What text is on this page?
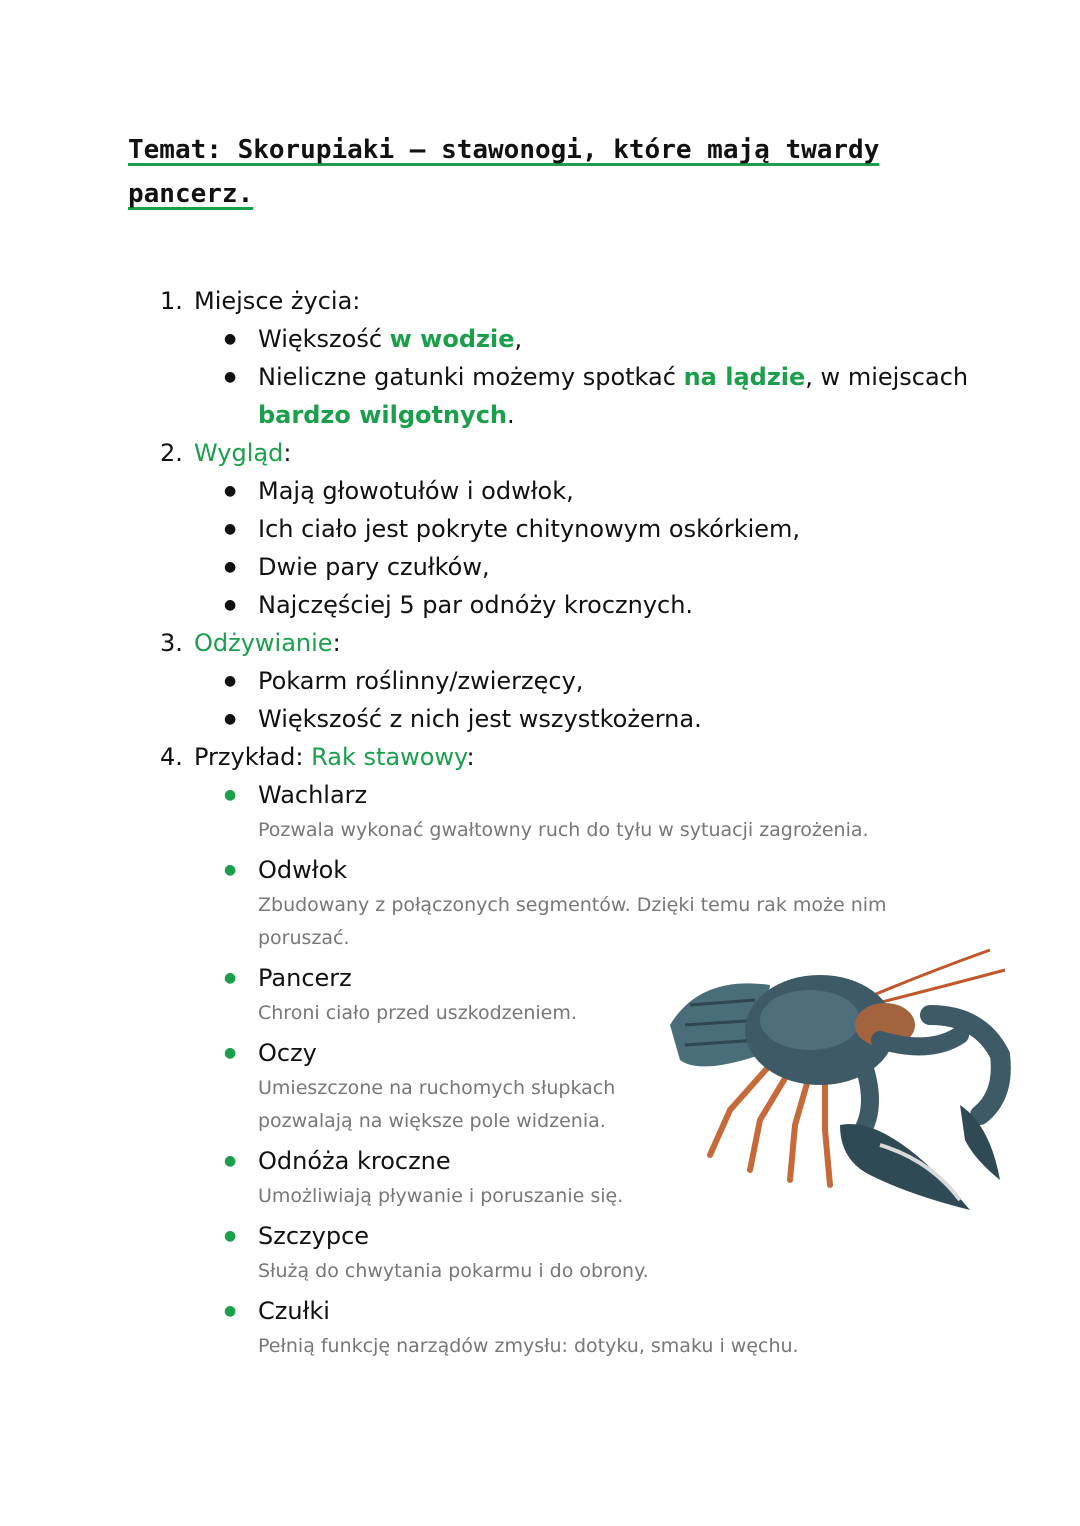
Temat: Skorupiaki – stawonogi, które mają twardy
pancerz.
1. Miejsce życia:
● Większość w wodzie,
● Nieliczne gatunki możemy spotkać na lądzie, w miejscach bardzo wilgotnych.
2. Wygląd:
● Mają głowotułów i odwłok,
● Ich ciało jest pokryte chitynowym oskórkiem,
● Dwie pary czułków,
● Najczęściej 5 par odnóży krocznych.
3. Odżywianie:
● Pokarm roślinny/zwierzęcy,
● Większość z nich jest wszystkożerna.
4. Przykład: Rak stawowy:
● Wachlarz
Pozwala wykonać gwałtowny ruch do tyłu w sytuacji zagrożenia.
● Odwłok
Zbudowany z połączonych segmentów. Dzięki temu rak może nim poruszać.
● Pancerz
Chroni ciało przed uszkodzeniem.
● Oczy
Umieszczone na ruchomych słupkach pozwalają na większe pole widzenia.
● Odnóża kroczne
Umożliwiają pływanie i poruszanie się.
● Szczypce
Służą do chwytania pokarmu i do obrony.
● Czułki
Pełnią funkcję narządów zmysłu: dotyku, smaku i węchu.
